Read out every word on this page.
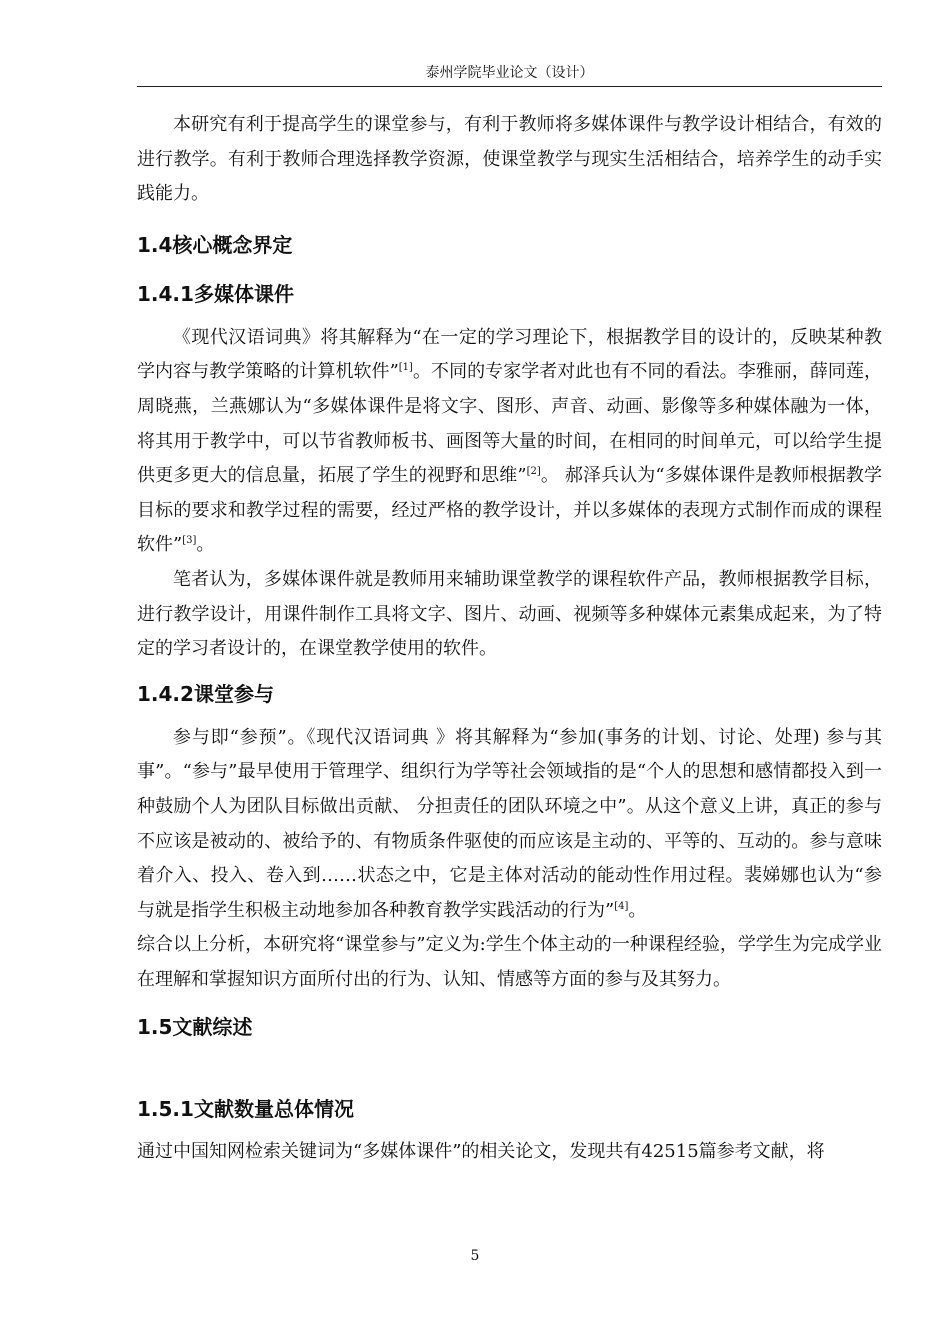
泰州学院毕业论文（设计）

本研究有利于提高学生的课堂参与，有利于教师将多媒体课件与教学设计相结合，有效的进行教学。有利于教师合理选择教学资源，使课堂教学与现实生活相结合，培养学生的动手实践能力。

1.4核心概念界定
1.4.1多媒体课件

《现代汉语词典》将其解释为“在一定的学习理论下，根据教学目的设计的，反映某种教学内容与教学策略的计算机软件”[1]。不同的专家学者对此也有不同的看法。李雅丽，薛同莲，周晓燕，兰燕娜认为“多媒体课件是将文字、图形、声音、动画、影像等多种媒体融为一体，将其用于教学中，可以节省教师板书、画图等大量的时间，在相同的时间单元，可以给学生提供更多更大的信息量，拓展了学生的视野和思维”[2]。 郝泽兵认为“多媒体课件是教师根据教学目标的要求和教学过程的需要，经过严格的教学设计，并以多媒体的表现方式制作而成的课程软件”[3]。

笔者认为，多媒体课件就是教师用来辅助课堂教学的课程软件产品，教师根据教学目标，进行教学设计，用课件制作工具将文字、图片、动画、视频等多种媒体元素集成起来，为了特定的学习者设计的，在课堂教学使用的软件。

1.4.2课堂参与

参与即“参预”。《现代汉语词典 》将其解释为“参加(事务的计划、讨论、处理) 参与其事”。“参与”最早使用于管理学、组织行为学等社会领域指的是“个人的思想和感情都投入到一种鼓励个人为团队目标做出贡献、 分担责任的团队环境之中”。从这个意义上讲，真正的参与不应该是被动的、被给予的、有物质条件驱使的而应该是主动的、平等的、互动的。参与意味着介入、投入、卷入到……状态之中，它是主体对活动的能动性作用过程。裴娣娜也认为“参与就是指学生积极主动地参加各种教育教学实践活动的行为”[4]。

综合以上分析，本研究将“课堂参与”定义为:学生个体主动的一种课程经验，学学生为完成学业在理解和掌握知识方面所付出的行为、认知、情感等方面的参与及其努力。

1.5文献综述
1.5.1文献数量总体情况

通过中国知网检索关键词为“多媒体课件”的相关论文，发现共有42515篇参考文献，将

5
